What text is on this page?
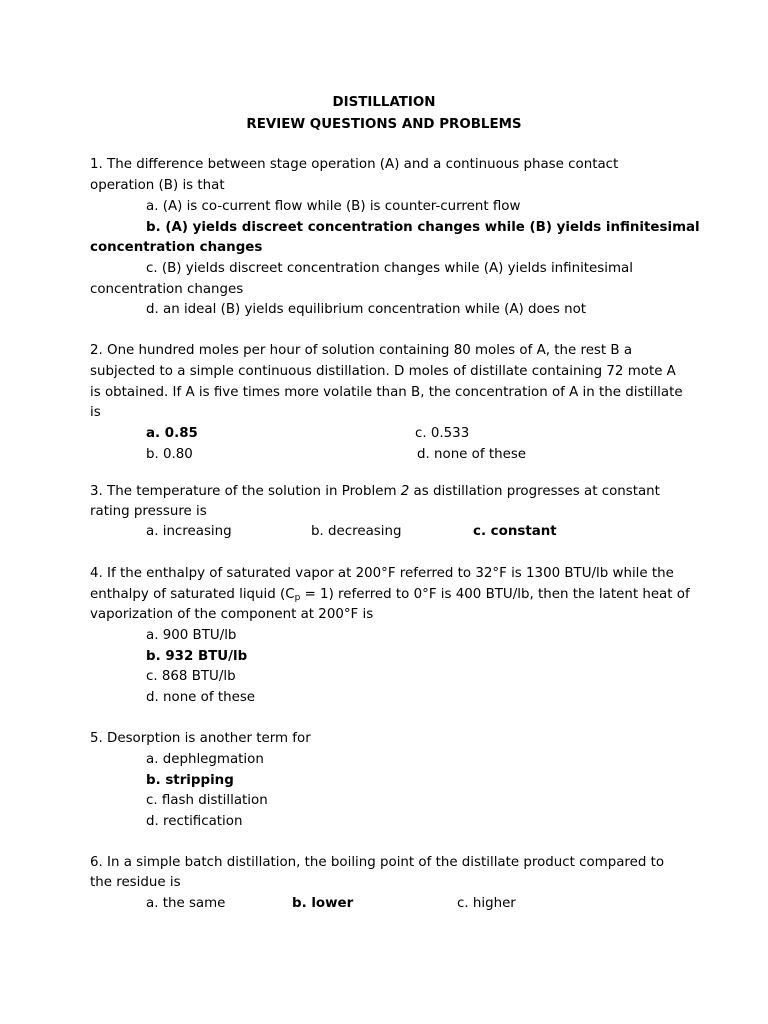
DISTILLATION
REVIEW QUESTIONS AND PROBLEMS
1. The difference between stage operation (A) and a continuous phase contact
operation (B) is that
a. (A) is co-current flow while (B) is counter-current flow
b. (A) yields discreet concentration changes while (B) yields infinitesimal
concentration changes
c. (B) yields discreet concentration changes while (A) yields infinitesimal
concentration changes
d. an ideal (B) yields equilibrium concentration while (A) does not
2. One hundred moles per hour of solution containing 80 moles of A, the rest B a
subjected to a simple continuous distillation. D moles of distillate containing 72 mote A
is obtained. If A is five times more volatile than B, the concentration of A in the distillate
is
a. 0.85	c. 0.533
b. 0.80	d. none of these
3. The temperature of the solution in Problem 2 as distillation progresses at constant
rating pressure is
a. increasing	b. decreasing	c. constant
4. If the enthalpy of saturated vapor at 200°F referred to 32°F is 1300 BTU/lb while the
enthalpy of saturated liquid $(C_p = 1)$ referred to 0°F is 400 BTU/lb, then the latent heat of
vaporization of the component at 200°F is
a. 900 BTU/lb
b. 932 BTU/lb
c. 868 BTU/lb
d. none of these
5. Desorption is another term for
a. dephlegmation
b. stripping
c. flash distillation
d. rectification
6. In a simple batch distillation, the boiling point of the distillate product compared to
the residue is
a. the same	b. lower	c. higher
